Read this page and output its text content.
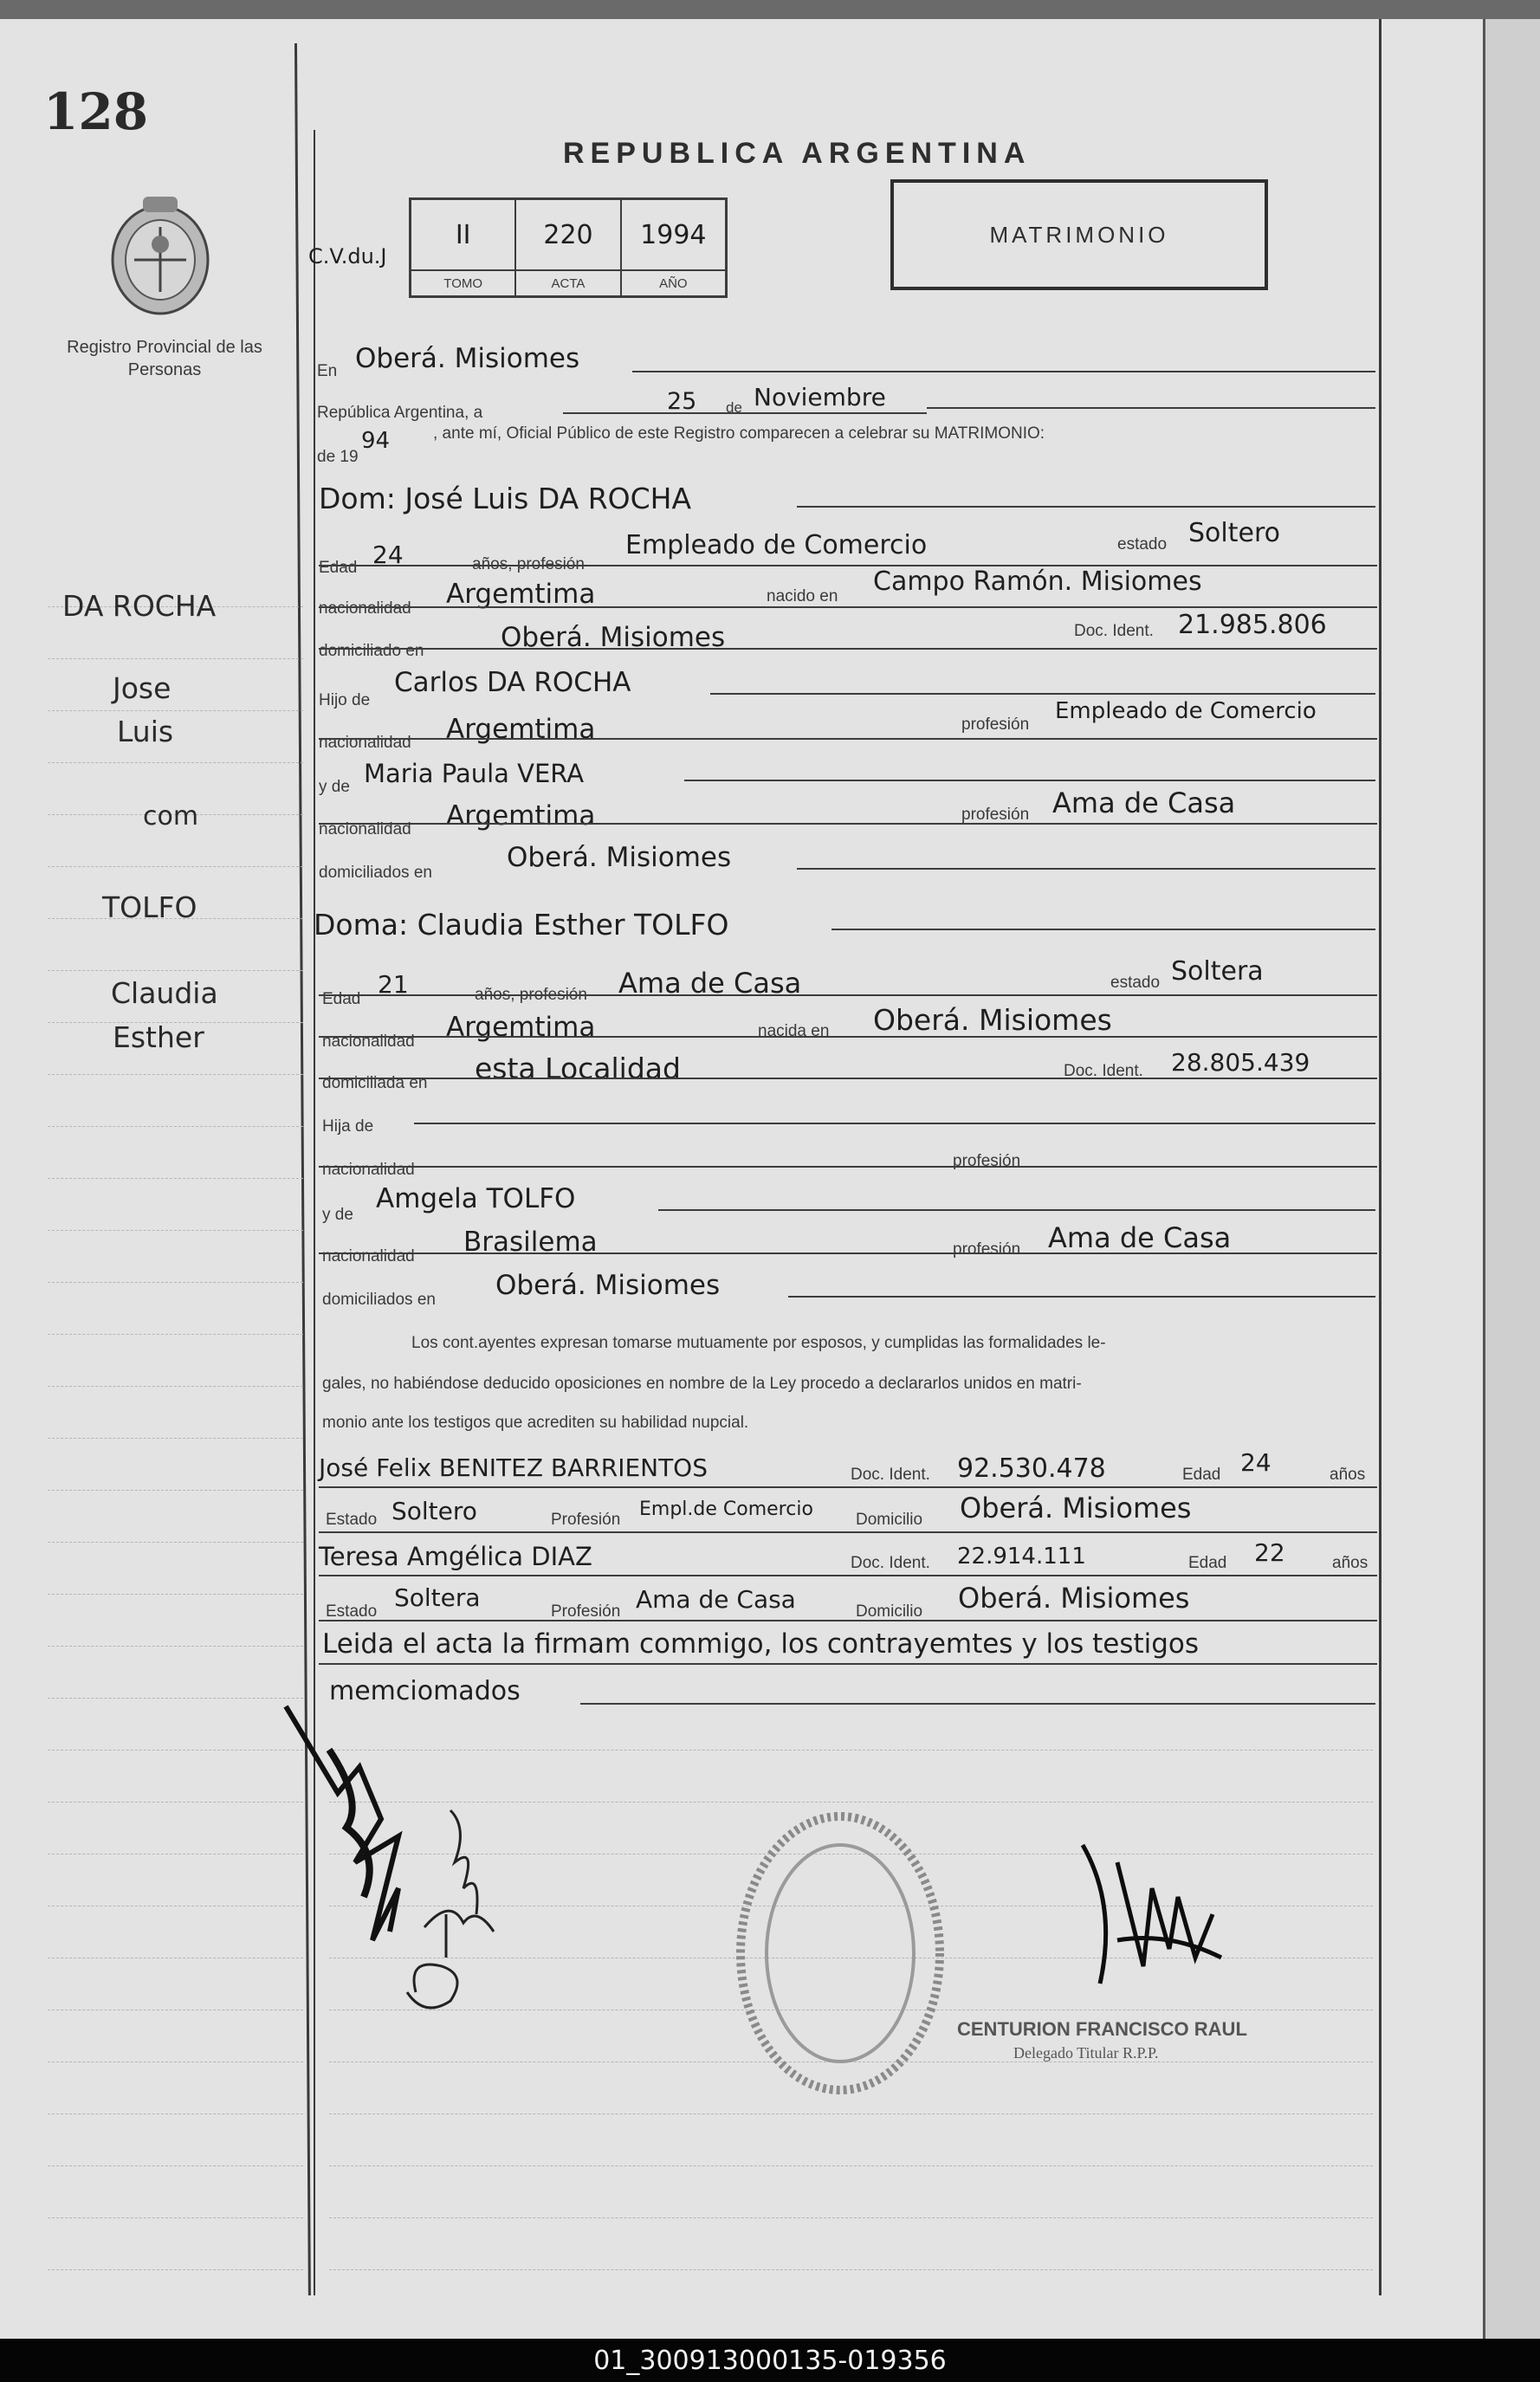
128
Registro Provincial de las Personas
REPUBLICA ARGENTINA
MATRIMONIO
C.V.du.J
II
TOMO
220
ACTA
1994
AÑO
DA ROCHA
Jose
Luis
com
TOLFO
Claudia
Esther
En Oberá. Misiomes
República Argentina, a	25 de Noviembre
de 19
94	, ante mí, Oficial Público de este Registro comparecen a celebrar su MATRIMONIO:
Dom: José Luis DA ROCHA
Edad 24	años, profesión
Empleado de Comercio	estado Soltero
nacionalidad Argemtima	nacido en Campo Ramón. Misiomes
domiciliado en	Oberá. Misiomes	Doc. Ident. 21.985.806
Hijo de
Carlos DA ROCHA
nacionalidad Argemtima	profesión
Empleado de Comercio
y de Maria Paula VERA
nacionalidad Argemtima	profesión Ama de Casa
domiciliados en	Oberá. Misiomes
Doma: Claudia Esther TOLFO
Edad
21	años, profesión Ama de Casa	estado Soltera
nacionalidad Argemtima	nacida en Oberá. Misiomes
domiciliada en esta Localidad	Doc. Ident. 28.805.439
Hija de
nacionalidad	profesión
y de
Amgela TOLFO
nacionalidad Brasilema	profesión Ama de Casa
domiciliados en Oberá. Misiomes
Los cont.ayentes expresan tomarse mutuamente por esposos, y cumplidas las formalidades le-
gales, no habiéndose deducido oposiciones en nombre de la Ley procedo a declararlos unidos en matri-
monio ante los testigos que acrediten su habilidad nupcial.
José Felix BENITEZ BARRIENTOS	Doc. Ident. 92.530.478	Edad 24	años
Estado Soltero	Profesión Empl.de Comercio	Domicilio Oberá. Misiomes
Teresa Amgélica DIAZ	Doc. Ident. 22.914.111	Edad 22	años
Estado Soltera	Profesión Ama de Casa	Domicilio Oberá. Misiomes
Leida el acta la firmam commigo, los contrayemtes y los testigos
memciomados
CENTURION FRANCISCO RAUL
Delegado Titular R.P.P.
01_300913000135-019356
